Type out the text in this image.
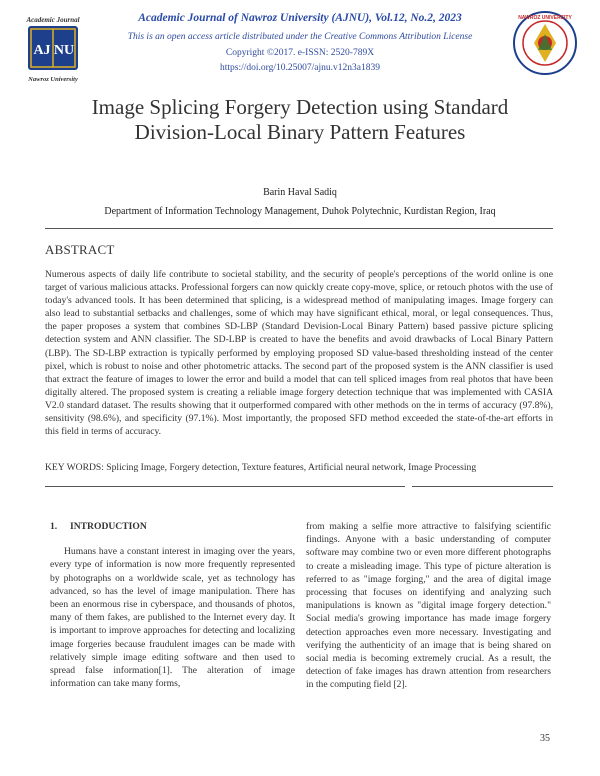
Academic Journal
AJ NU
Nawroz University
Academic Journal of Nawroz University (AJNU), Vol.12, No.2, 2023
This is an open access article distributed under the Creative Commons Attribution License
Copyright ©2017. e-ISSN: 2520-789X
https://doi.org/10.25007/ajnu.v12n3a1839
NAWROZ UNIVERSITY
Image Splicing Forgery Detection using Standard Division-Local Binary Pattern Features
Barin Haval Sadiq
Department of Information Technology Management, Duhok Polytechnic, Kurdistan Region, Iraq
ABSTRACT
Numerous aspects of daily life contribute to societal stability, and the security of people's perceptions of the world online is one target of various malicious attacks. Professional forgers can now quickly create copy-move, splice, or retouch photos with the use of today's advanced tools. It has been determined that splicing, is a widespread method of manipulating images. Image forgery can also lead to substantial setbacks and challenges, some of which may have significant ethical, moral, or legal consequences. Thus, the paper proposes a system that combines SD-LBP (Standard Devision-Local Binary Pattern) based passive picture splicing detection system and ANN classifier. The SD-LBP is created to have the benefits and avoid drawbacks of Local Binary Pattern (LBP). The SD-LBP extraction is typically performed by employing proposed SD value-based thresholding instead of the center pixel, which is robust to noise and other photometric attacks. The second part of the proposed system is the ANN classifier is used that extract the feature of images to lower the error and build a model that can tell spliced images from real photos that have been digitally altered. The proposed system is creating a reliable image forgery detection technique that was implemented with CASIA V2.0 standard dataset. The results showing that it outperformed compared with other methods on the in terms of accuracy (97.8%), sensitivity (98.6%), and specificity (97.1%). Most importantly, the proposed SFD method exceeded the state-of-the-art efforts in this field in terms of accuracy.
KEY WORDS: Splicing Image, Forgery detection, Texture features, Artificial neural network, Image Processing
1. INTRODUCTION

Humans have a constant interest in imaging over the years, every type of information is now more frequently represented by photographs on a worldwide scale, yet as technology has advanced, so has the level of image manipulation. There has been an enormous rise in cyberspace, and thousands of photos, many of them fakes, are published to the Internet every day. It is important to improve approaches for detecting and localizing image forgeries because fraudulent images can be made with relatively simple image editing software and then used to spread false information[1]. The alteration of image information can take many forms,

from making a selfie more attractive to falsifying scientific findings. Anyone with a basic understanding of computer software may combine two or even more different photographs to create a misleading image. This type of picture alteration is referred to as "image forging," and the area of digital image processing that focuses on identifying and analyzing such manipulations is known as "digital image forgery detection." Social media's growing importance has made image forgery detection approaches even more necessary. Investigating and verifying the authenticity of an image that is being shared on social media is becoming extremely crucial. As a result, the detection of fake images has drawn attention from researchers in the computing field [2].

35
